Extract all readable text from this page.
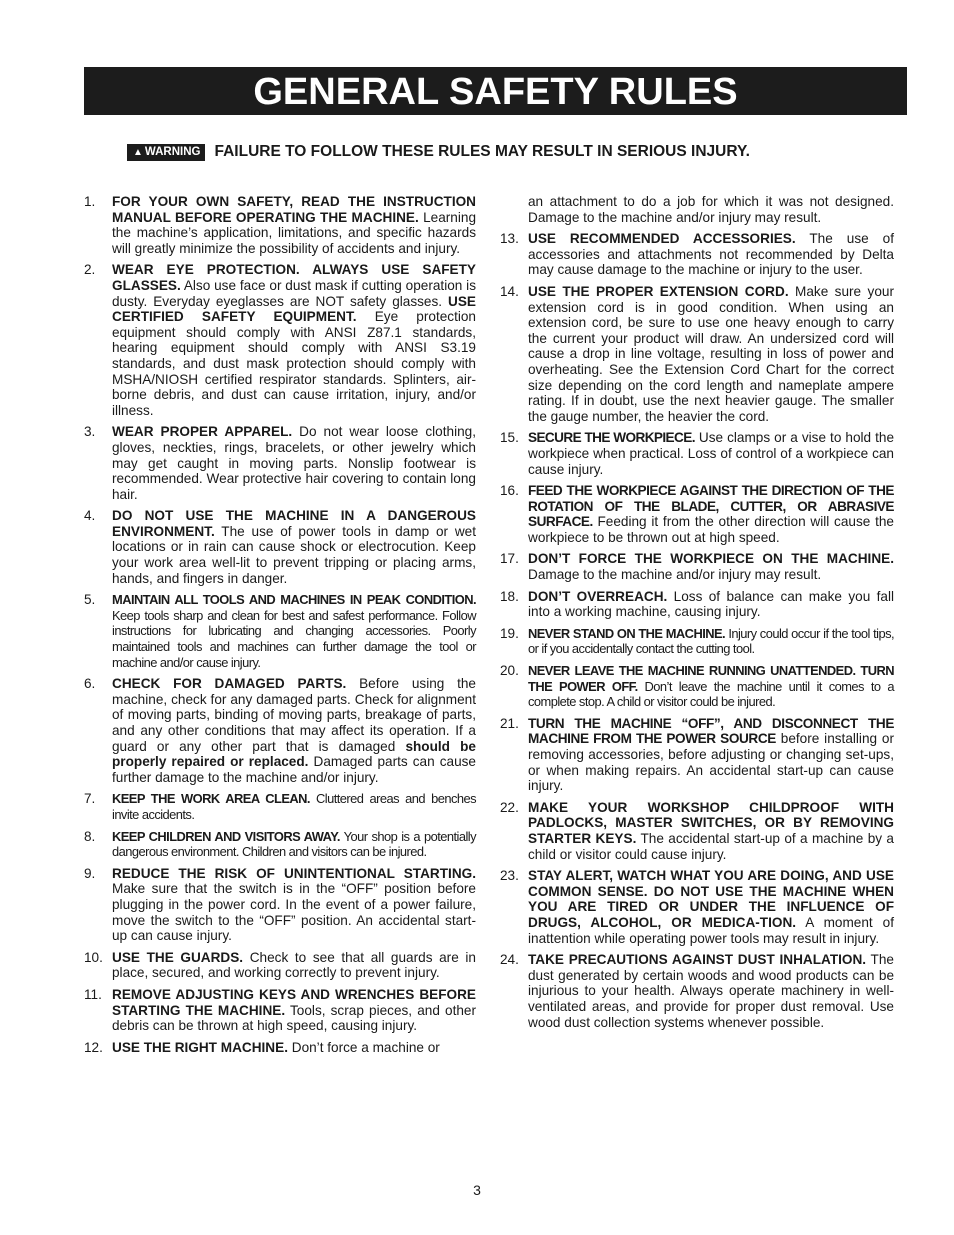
GENERAL SAFETY RULES
▲ WARNING FAILURE TO FOLLOW THESE RULES MAY RESULT IN SERIOUS INJURY.
1.	FOR YOUR OWN SAFETY, READ THE INSTRUCTION MANUAL BEFORE OPERATING THE MACHINE. Learning the machine’s application, limitations, and specific hazards will greatly minimize the possibility of accidents and injury.
2.	WEAR EYE PROTECTION. ALWAYS USE SAFETY GLASSES. Also use face or dust mask if cutting operation is dusty. Everyday eyeglasses are NOT safety glasses. USE CERTIFIED SAFETY EQUIPMENT. Eye protection equipment should comply with ANSI Z87.1 standards, hearing equipment should comply with ANSI S3.19 standards, and dust mask protection should comply with MSHA/NIOSH certified respirator standards. Splinters, air-borne debris, and dust can cause irritation, injury, and/or illness.
3.	WEAR PROPER APPAREL. Do not wear loose clothing, gloves, neckties, rings, bracelets, or other jewelry which may get caught in moving parts. Nonslip footwear is recommended. Wear protective hair covering to contain long hair.
4.	DO NOT USE THE MACHINE IN A DANGEROUS ENVIRONMENT. The use of power tools in damp or wet locations or in rain can cause shock or electrocution. Keep your work area well-lit to prevent tripping or placing arms, hands, and fingers in danger.
5.	MAINTAIN ALL TOOLS AND MACHINES IN PEAK CONDITION. Keep tools sharp and clean for best and safest performance. Follow instructions for lubricating and changing accessories. Poorly maintained tools and machines can further damage the tool or machine and/or cause injury.
6.	CHECK FOR DAMAGED PARTS. Before using the machine, check for any damaged parts. Check for alignment of moving parts, binding of moving parts, breakage of parts, and any other conditions that may affect its operation. If a guard or any other part that is damaged should be properly repaired or replaced. Damaged parts can cause further damage to the machine and/or injury.
7.	KEEP THE WORK AREA CLEAN. Cluttered areas and benches invite accidents.
8.	KEEP CHILDREN AND VISITORS AWAY. Your shop is a potentially dangerous environment. Children and visitors can be injured.
9.	REDUCE THE RISK OF UNINTENTIONAL STARTING. Make sure that the switch is in the “OFF” position before plugging in the power cord. In the event of a power failure, move the switch to the “OFF” position. An accidental start-up can cause injury.
10. USE THE GUARDS. Check to see that all guards are in place, secured, and working correctly to prevent injury.
11. REMOVE ADJUSTING KEYS AND WRENCHES BEFORE STARTING THE MACHINE. Tools, scrap pieces, and other debris can be thrown at high speed, causing injury.
12. USE THE RIGHT MACHINE. Don’t force a machine or
an attachment to do a job for which it was not designed. Damage to the machine and/or injury may result.
13. USE RECOMMENDED ACCESSORIES. The use of accessories and attachments not recommended by Delta may cause damage to the machine or injury to the user.
14. USE THE PROPER EXTENSION CORD. Make sure your extension cord is in good condition. When using an extension cord, be sure to use one heavy enough to carry the current your product will draw. An undersized cord will cause a drop in line voltage, resulting in loss of power and overheating. See the Extension Cord Chart for the correct size depending on the cord length and nameplate ampere rating. If in doubt, use the next heavier gauge. The smaller the gauge number, the heavier the cord.
15. SECURE THE WORKPIECE. Use clamps or a vise to hold the workpiece when practical. Loss of control of a workpiece can cause injury.
16. FEED THE WORKPIECE AGAINST THE DIRECTION OF THE ROTATION OF THE BLADE, CUTTER, OR ABRASIVE SURFACE. Feeding it from the other direction will cause the workpiece to be thrown out at high speed.
17. DON’T FORCE THE WORKPIECE ON THE MACHINE. Damage to the machine and/or injury may result.
18. DON’T OVERREACH. Loss of balance can make you fall into a working machine, causing injury.
19. NEVER STAND ON THE MACHINE. Injury could occur if the tool tips, or if you accidentally contact the cutting tool.
20. NEVER LEAVE THE MACHINE RUNNING UNATTENDED. TURN THE POWER OFF. Don’t leave the machine until it comes to a complete stop. A child or visitor could be injured.
21. TURN THE MACHINE “OFF”, AND DISCONNECT THE MACHINE FROM THE POWER SOURCE before installing or removing accessories, before adjusting or changing set-ups, or when making repairs. An accidental start-up can cause injury.
22. MAKE YOUR WORKSHOP CHILDPROOF WITH PADLOCKS, MASTER SWITCHES, OR BY REMOVING STARTER KEYS. The accidental start-up of a machine by a child or visitor could cause injury.
23. STAY ALERT, WATCH WHAT YOU ARE DOING, AND USE COMMON SENSE. DO NOT USE THE MACHINE WHEN YOU ARE TIRED OR UNDER THE INFLUENCE OF DRUGS, ALCOHOL, OR MEDICA-TION. A moment of inattention while operating power tools may result in injury.
24. TAKE PRECAUTIONS AGAINST DUST INHALATION. The dust generated by certain woods and wood products can be injurious to your health. Always operate machinery in well-ventilated areas, and provide for proper dust removal. Use wood dust collection systems whenever possible.
3
